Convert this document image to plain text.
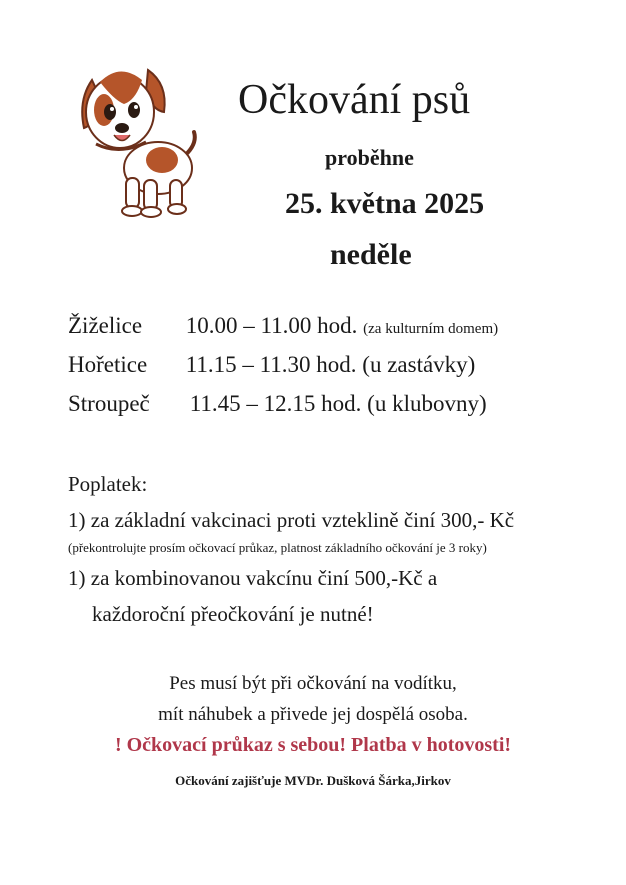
Očkování psů
proběhne
25. května 2025
neděle
Žiželice 10.00 – 11.00 hod. (za kulturním domem)
Hořetice 11.15 – 11.30 hod. (u zastávky)
Stroupeč 11.45 – 12.15 hod. (u klubovny)
Poplatek:
1) za základní vakcinaci proti vzteklině činí 300,- Kč
(překontrolujte prosím očkovací průkaz, platnost základního očkování je 3 roky)
1) za kombinovanou vakcínu činí 500,-Kč a
každoroční přeočkování je nutné!
Pes musí být při očkování na vodítku,
mít náhubek a přivede jej dospělá osoba.
! Očkovací průkaz s sebou! Platba v hotovosti!
Očkování zajišťuje MVDr. Dušková Šárka,Jirkov
